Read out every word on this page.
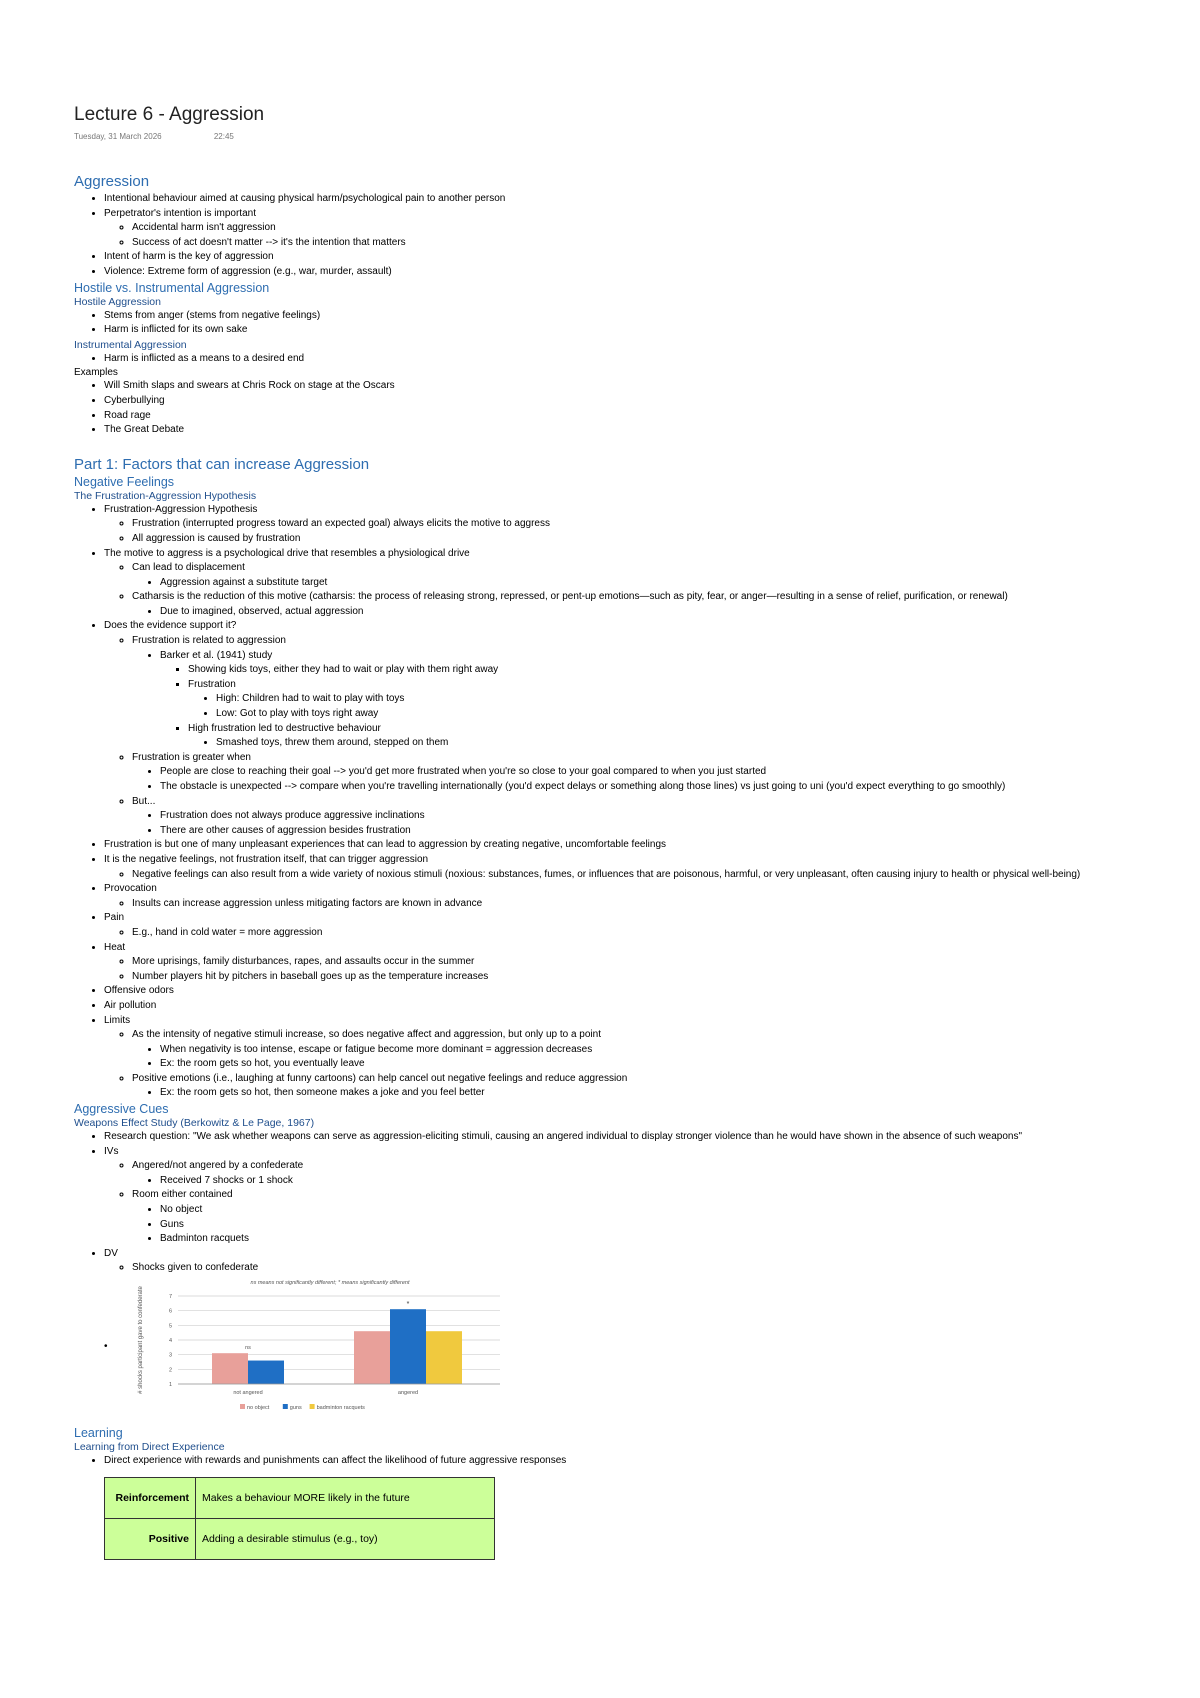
Lecture 6 - Aggression
Tuesday, 31 March 2026	22:45
Aggression
• Intentional behaviour aimed at causing physical harm/psychological pain to another person
• Perpetrator's intention is important
◦ Accidental harm isn't aggression
◦ Success of act doesn't matter --> it's the intention that matters
• Intent of harm is the key of aggression
• Violence: Extreme form of aggression (e.g., war, murder, assault)
Hostile vs. Instrumental Aggression
Hostile Aggression
• Stems from anger (stems from negative feelings)
• Harm is inflicted for its own sake
Instrumental Aggression
• Harm is inflicted as a means to a desired end
Examples
• Will Smith slaps and swears at Chris Rock on stage at the Oscars
• Cyberbullying
• Road rage
• The Great Debate
Part 1: Factors that can increase Aggression
Negative Feelings
The Frustration-Aggression Hypothesis
• Frustration-Aggression Hypothesis
◦ Frustration (interrupted progress toward an expected goal) always elicits the motive to aggress
◦ All aggression is caused by frustration
• The motive to aggress is a psychological drive that resembles a physiological drive
◦ Can lead to displacement
• Aggression against a substitute target
◦ Catharsis is the reduction of this motive (catharsis: the process of releasing strong, repressed, or pent-up emotions—such as pity, fear, or anger—resulting in a sense of relief, purification, or renewal)
• Due to imagined, observed, actual aggression
• Does the evidence support it?
◦ Frustration is related to aggression
• Barker et al. (1941) study
▪ Showing kids toys, either they had to wait or play with them right away
▪ Frustration
• High: Children had to wait to play with toys
• Low: Got to play with toys right away
▪ High frustration led to destructive behaviour
• Smashed toys, threw them around, stepped on them
◦ Frustration is greater when
• People are close to reaching their goal --> you'd get more frustrated when you're so close to your goal compared to when you just started
• The obstacle is unexpected --> compare when you're travelling internationally (you'd expect delays or something along those lines) vs just going to uni (you'd expect everything to go smoothly)
◦ But...
• Frustration does not always produce aggressive inclinations
• There are other causes of aggression besides frustration
• Frustration is but one of many unpleasant experiences that can lead to aggression by creating negative, uncomfortable feelings
• It is the negative feelings, not frustration itself, that can trigger aggression
◦ Negative feelings can also result from a wide variety of noxious stimuli (noxious: substances, fumes, or influences that are poisonous, harmful, or very unpleasant, often causing injury to health or physical well-being)
• Provocation
◦ Insults can increase aggression unless mitigating factors are known in advance
• Pain
◦ E.g., hand in cold water = more aggression
• Heat
◦ More uprisings, family disturbances, rapes, and assaults occur in the summer
◦ Number players hit by pitchers in baseball goes up as the temperature increases
• Offensive odors
• Air pollution
• Limits
◦ As the intensity of negative stimuli increase, so does negative affect and aggression, but only up to a point
• When negativity is too intense, escape or fatigue become more dominant = aggression decreases
• Ex: the room gets so hot, you eventually leave
◦ Positive emotions (i.e., laughing at funny cartoons) can help cancel out negative feelings and reduce aggression
• Ex: the room gets so hot, then someone makes a joke and you feel better
Aggressive Cues
Weapons Effect Study (Berkowitz & Le Page, 1967)
• Research question: "We ask whether weapons can serve as aggression-eliciting stimuli, causing an angered individual to display stronger violence than he would have shown in the absence of such weapons"
• IVs
◦ Angered/not angered by a confederate
• Received 7 shocks or 1 shock
◦ Room either contained
• No object
• Guns
• Badminton racquets
• DV
◦ Shocks given to confederate
•
ns means not significantly different; * means significantly different
1
2
3
4
5
6
7
# shocks participant gave to confederate	not angered	angered
ns
*
no object	guns	badminton racquets
Learning
Learning from Direct Experience
• Direct experience with rewards and punishments can affect the likelihood of future aggressive responses
Reinforcement	Makes a behaviour MORE likely in the future
Positive	Adding a desirable stimulus (e.g., toy)
